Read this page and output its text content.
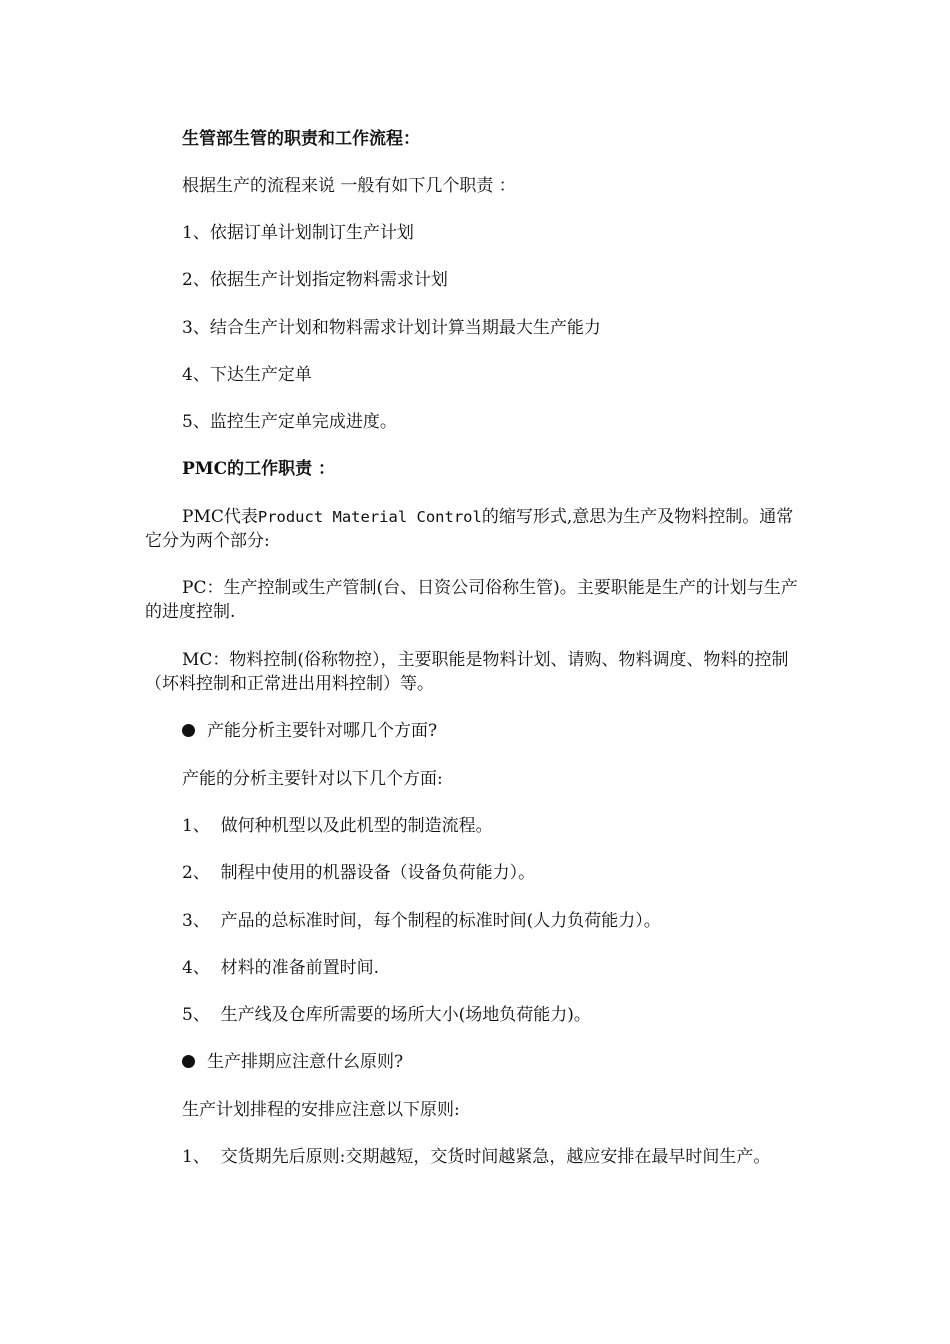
生管部生管的职责和工作流程：

根据生产的流程来说 一般有如下几个职责 ：

1、依据订单计划制订生产计划

2、依据生产计划指定物料需求计划

3、结合生产计划和物料需求计划计算当期最大生产能力

4、下达生产定单

5、监控生产定单完成进度。

PMC的工作职责 ：

PMC代表Product Material Control的缩写形式,意思为生产及物料控制。通常它分为两个部分:

PC：生产控制或生产管制(台、日资公司俗称生管)。主要职能是生产的计划与生产的进度控制.

MC：物料控制(俗称物控），主要职能是物料计划、请购、物料调度、物料的控制（坏料控制和正常进出用料控制）等。

产能分析主要针对哪几个方面?

产能的分析主要针对以下几个方面:

1、 做何种机型以及此机型的制造流程。

2、 制程中使用的机器设备（设备负荷能力）。

3、 产品的总标准时间，每个制程的标准时间(人力负荷能力）。

4、 材料的准备前置时间.

5、 生产线及仓库所需要的场所大小(场地负荷能力)。

生产排期应注意什幺原则?

生产计划排程的安排应注意以下原则:

1、 交货期先后原则:交期越短，交货时间越紧急，越应安排在最早时间生产。
